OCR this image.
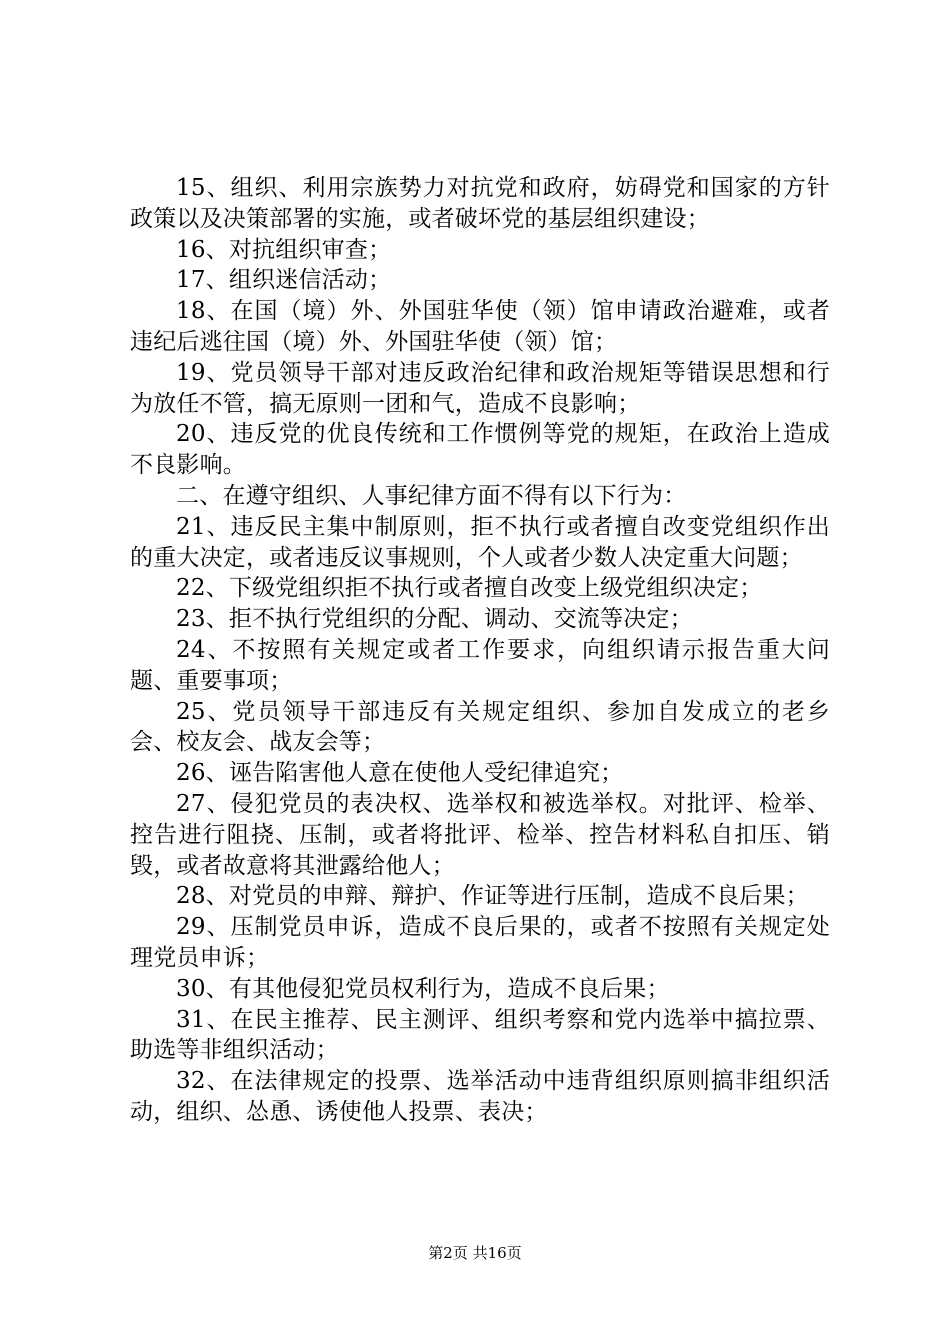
15、组织、利用宗族势力对抗党和政府，妨碍党和国家的方针政策以及决策部署的实施，或者破坏党的基层组织建设；

16、对抗组织审查；

17、组织迷信活动；

18、在国（境）外、外国驻华使（领）馆申请政治避难，或者违纪后逃往国（境）外、外国驻华使（领）馆；

19、党员领导干部对违反政治纪律和政治规矩等错误思想和行为放任不管，搞无原则一团和气，造成不良影响；

20、违反党的优良传统和工作惯例等党的规矩，在政治上造成不良影响。

二、在遵守组织、人事纪律方面不得有以下行为：

21、违反民主集中制原则，拒不执行或者擅自改变党组织作出的重大决定，或者违反议事规则，个人或者少数人决定重大问题；

22、下级党组织拒不执行或者擅自改变上级党组织决定；

23、拒不执行党组织的分配、调动、交流等决定；

24、不按照有关规定或者工作要求，向组织请示报告重大问题、重要事项；

25、党员领导干部违反有关规定组织、参加自发成立的老乡会、校友会、战友会等；

26、诬告陷害他人意在使他人受纪律追究；

27、侵犯党员的表决权、选举权和被选举权。对批评、检举、控告进行阻挠、压制，或者将批评、检举、控告材料私自扣压、销毁，或者故意将其泄露给他人；

28、对党员的申辩、辩护、作证等进行压制，造成不良后果；

29、压制党员申诉，造成不良后果的，或者不按照有关规定处理党员申诉；

30、有其他侵犯党员权利行为，造成不良后果；

31、在民主推荐、民主测评、组织考察和党内选举中搞拉票、助选等非组织活动；

32、在法律规定的投票、选举活动中违背组织原则搞非组织活动，组织、怂恿、诱使他人投票、表决；

第2页 共16页
